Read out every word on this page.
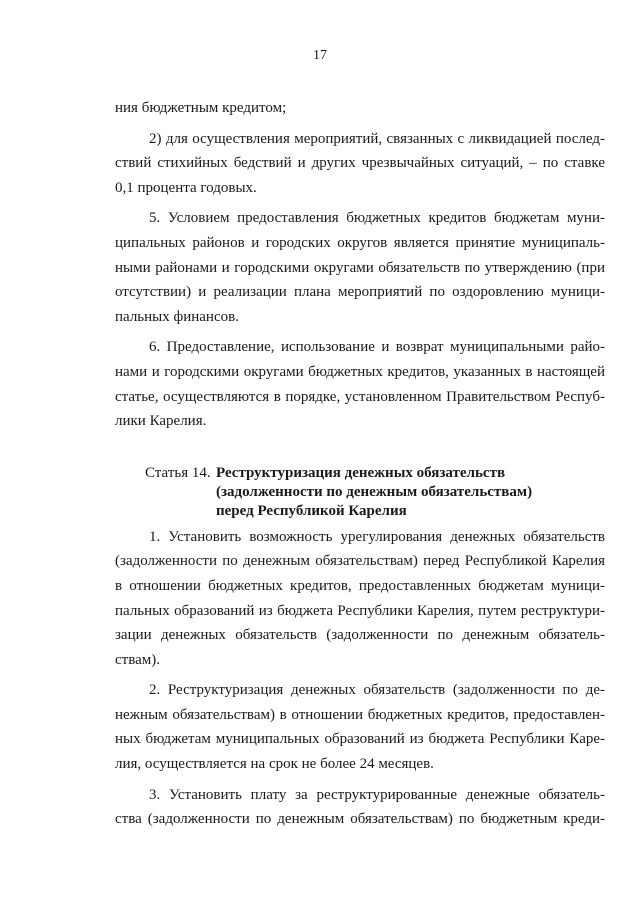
17

ния бюджетным кредитом;

2) для осуществления мероприятий, связанных с ликвидацией послед-
ствий стихийных бедствий и других чрезвычайных ситуаций, – по ставке
0,1 процента годовых.

5. Условием предоставления бюджетных кредитов бюджетам муни-
ципальных районов и городских округов является принятие муниципаль-
ными районами и городскими округами обязательств по утверждению (при
отсутствии) и реализации плана мероприятий по оздоровлению муници-
пальных финансов.

6. Предоставление, использование и возврат муниципальными райо-
нами и городскими округами бюджетных кредитов, указанных в настоящей
статье, осуществляются в порядке, установленном Правительством Респуб-
лики Карелия.

Статья 14. Реструктуризация денежных обязательств
(задолженности по денежным обязательствам)
перед Республикой Карелия

1. Установить возможность урегулирования денежных обязательств
(задолженности по денежным обязательствам) перед Республикой Карелия
в отношении бюджетных кредитов, предоставленных бюджетам муници-
пальных образований из бюджета Республики Карелия, путем реструктури-
зации денежных обязательств (задолженности по денежным обязатель-
ствам).

2. Реструктуризация денежных обязательств (задолженности по де-
нежным обязательствам) в отношении бюджетных кредитов, предоставлен-
ных бюджетам муниципальных образований из бюджета Республики Каре-
лия, осуществляется на срок не более 24 месяцев.

3. Установить плату за реструктурированные денежные обязатель-
ства (задолженности по денежным обязательствам) по бюджетным креди-
